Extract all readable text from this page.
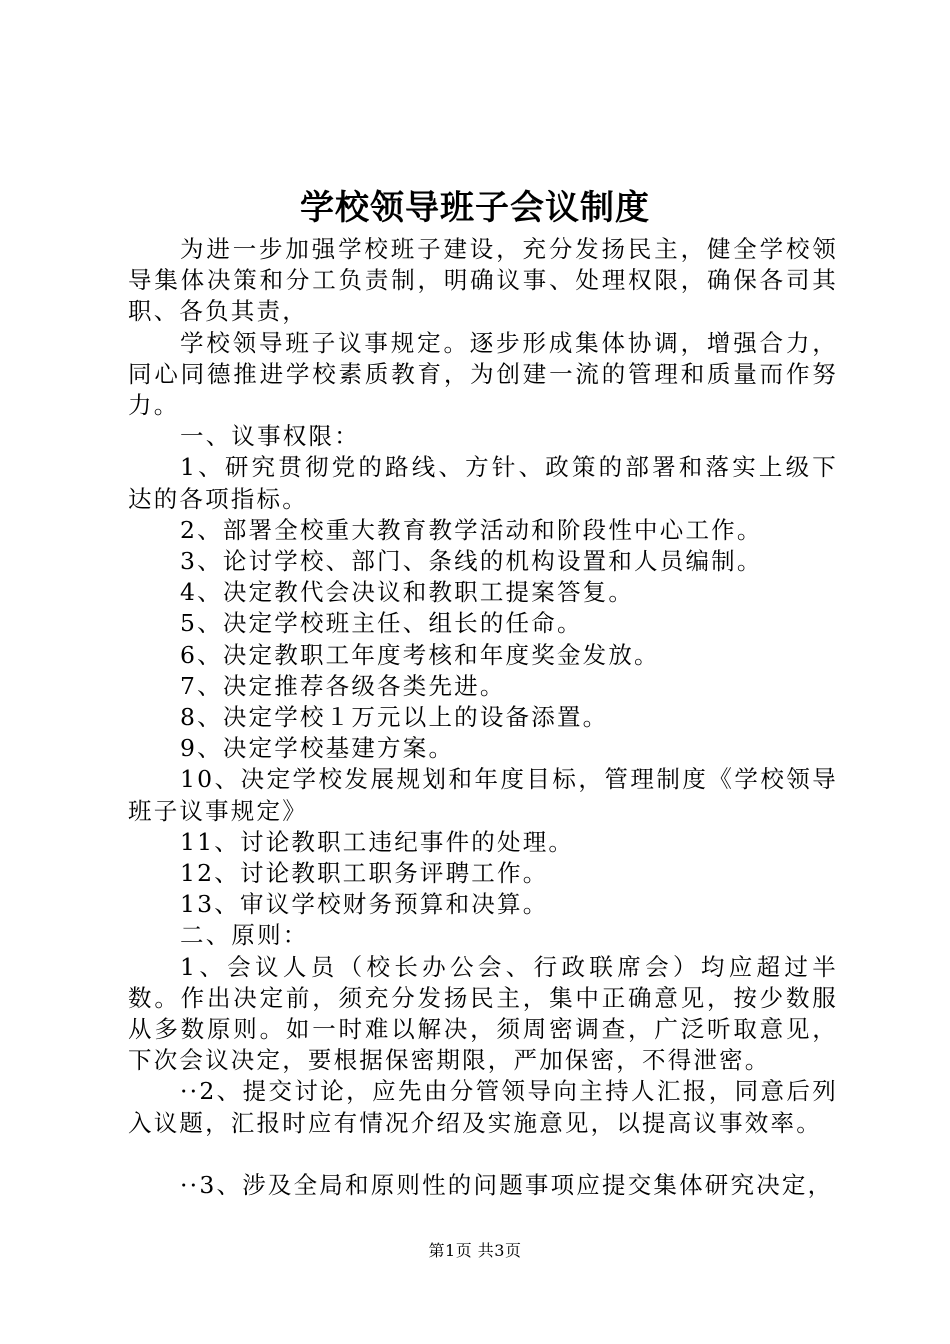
学校领导班子会议制度

为进一步加强学校班子建设，充分发扬民主，健全学校领导集体决策和分工负责制，明确议事、处理权限，确保各司其职、各负其责，

学校领导班子议事规定。逐步形成集体协调，增强合力，同心同德推进学校素质教育，为创建一流的管理和质量而作努力。

一、议事权限：

1、研究贯彻党的路线、方针、政策的部署和落实上级下达的各项指标。

2、部署全校重大教育教学活动和阶段性中心工作。

3、论讨学校、部门、条线的机构设置和人员编制。

4、决定教代会决议和教职工提案答复。

5、决定学校班主任、组长的任命。

6、决定教职工年度考核和年度奖金发放。

7、决定推荐各级各类先进。

8、决定学校１万元以上的设备添置。

9、决定学校基建方案。

10、决定学校发展规划和年度目标，管理制度《学校领导班子议事规定》

11、讨论教职工违纪事件的处理。

12、讨论教职工职务评聘工作。

13、审议学校财务预算和决算。

二、原则：

1、会议人员（校长办公会、行政联席会）均应超过半数。作出决定前，须充分发扬民主，集中正确意见，按少数服从多数原则。如一时难以解决，须周密调查，广泛听取意见，下次会议决定，要根据保密期限，严加保密，不得泄密。

··2、提交讨论，应先由分管领导向主持人汇报，同意后列入议题，汇报时应有情况介绍及实施意见，以提高议事效率。

··3、涉及全局和原则性的问题事项应提交集体研究决定，

第1页 共3页
